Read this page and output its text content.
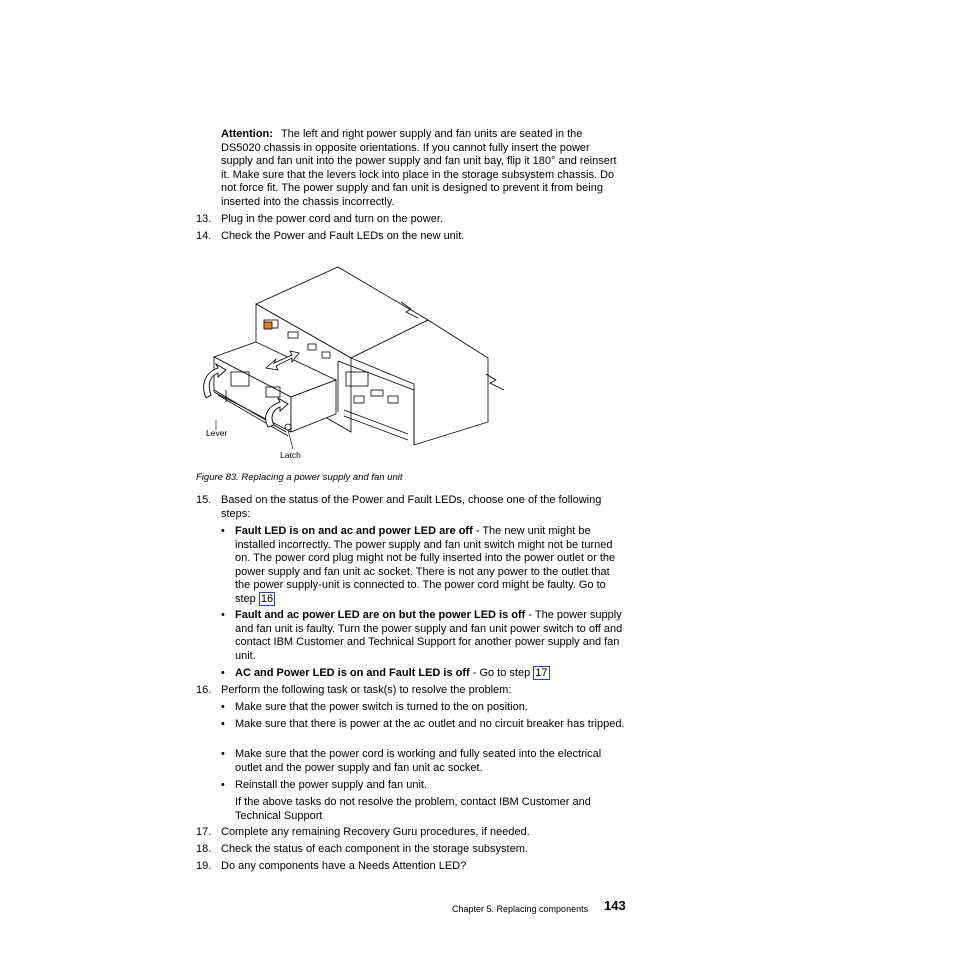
Attention: The left and right power supply and fan units are seated in the DS5020 chassis in opposite orientations. If you cannot fully insert the power supply and fan unit into the power supply and fan unit bay, flip it 180° and reinsert it. Make sure that the levers lock into place in the storage subsystem chassis. Do not force fit. The power supply and fan unit is designed to prevent it from being inserted into the chassis incorrectly.
13. Plug in the power cord and turn on the power.
14. Check the Power and Fault LEDs on the new unit.
Lever
Latch
Figure 83. Replacing a power supply and fan unit
15. Based on the status of the Power and Fault LEDs, choose one of the following steps:
• Fault LED is on and ac and power LED are off - The new unit might be installed incorrectly. The power supply and fan unit switch might not be turned on. The power cord plug might not be fully inserted into the power outlet or the power supply and fan unit ac socket. There is not any power to the outlet that the power supply-unit is connected to. The power cord might be faulty. Go to step 16
• Fault and ac power LED are on but the power LED is off - The power supply and fan unit is faulty. Turn the power supply and fan unit power switch to off and contact IBM Customer and Technical Support for another power supply and fan unit.
• AC and Power LED is on and Fault LED is off - Go to step 17
16. Perform the following task or task(s) to resolve the problem:
• Make sure that the power switch is turned to the on position.
• Make sure that there is power at the ac outlet and no circuit breaker has tripped.
• Make sure that the power cord is working and fully seated into the electrical outlet and the power supply and fan unit ac socket.
• Reinstall the power supply and fan unit.
If the above tasks do not resolve the problem, contact IBM Customer and Technical Support
17. Complete any remaining Recovery Guru procedures, if needed.
18. Check the status of each component in the storage subsystem.
19. Do any components have a Needs Attention LED?
Chapter 5. Replacing components 143
